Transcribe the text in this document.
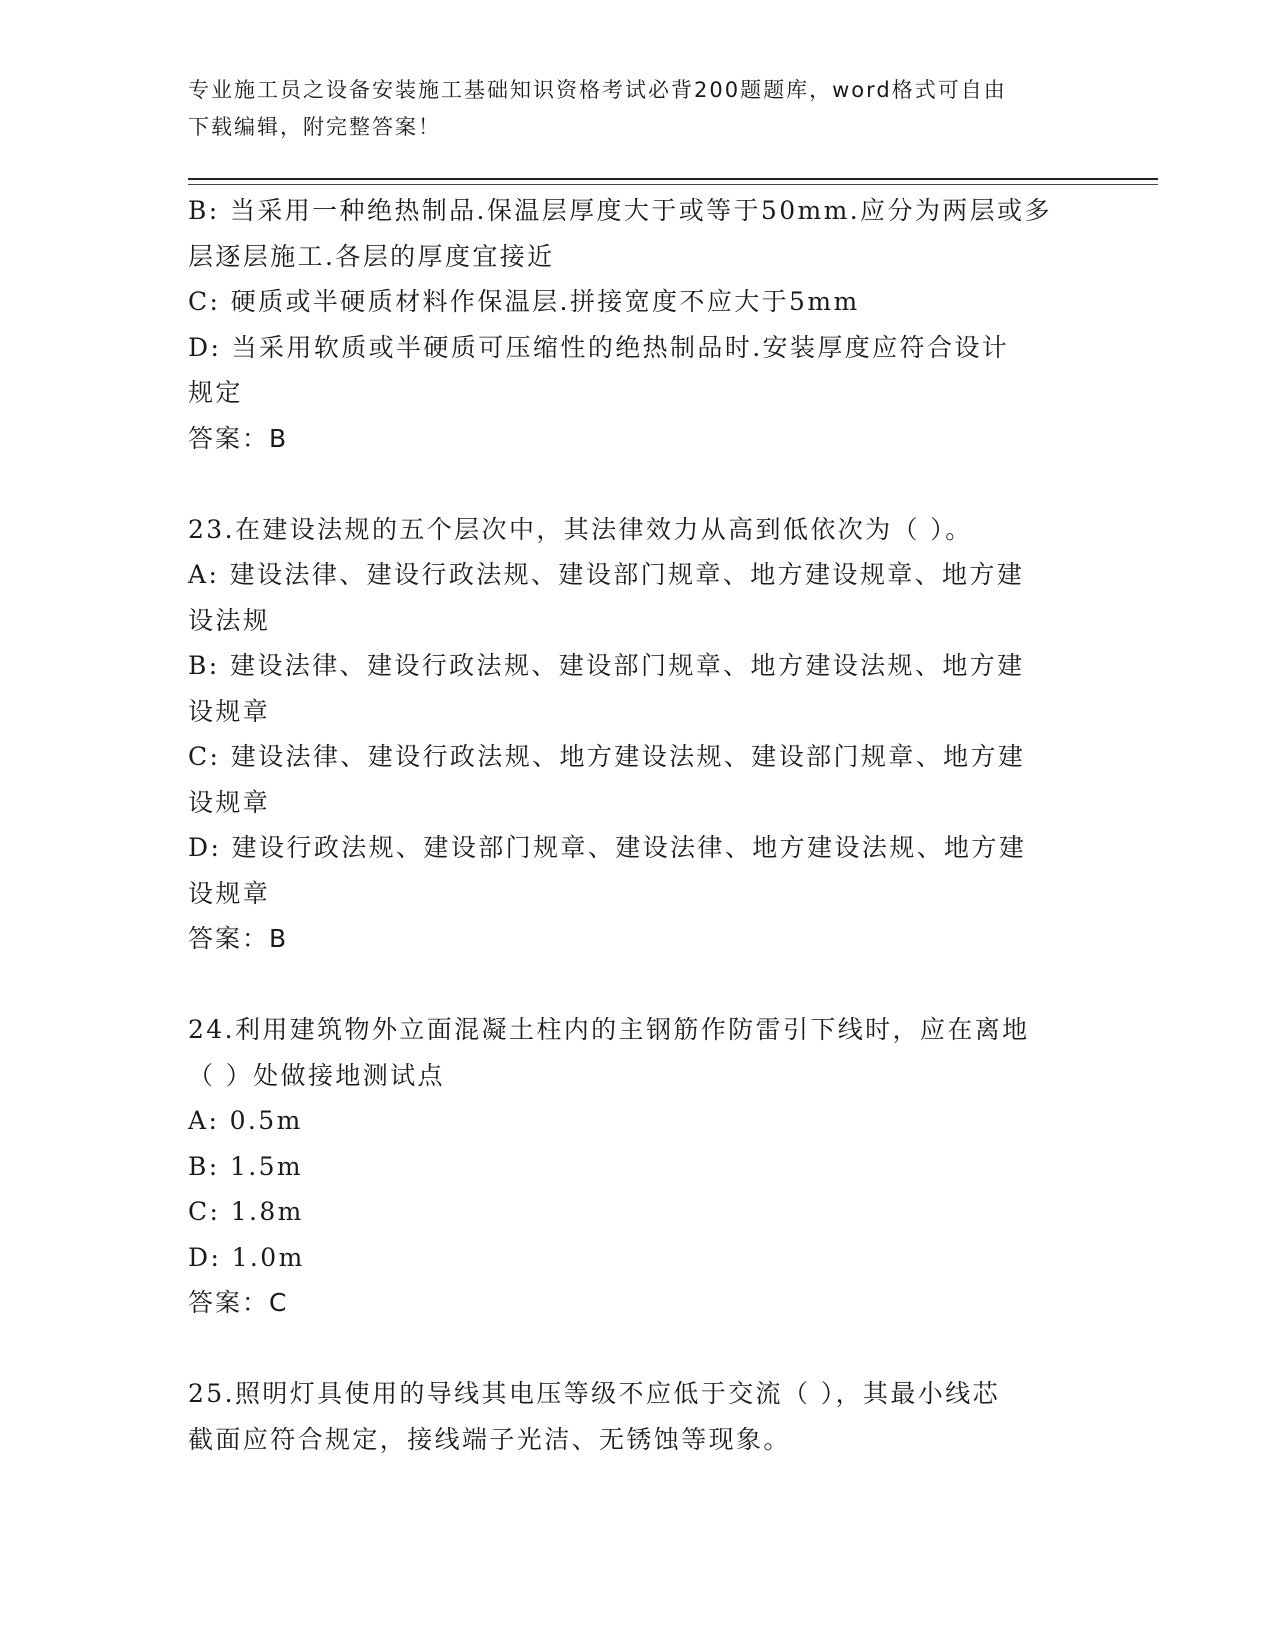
专业施工员之设备安装施工基础知识资格考试必背200题题库，word格式可自由
下载编辑，附完整答案！
B: 当采用一种绝热制品.保温层厚度大于或等于50mm.应分为两层或多
层逐层施工.各层的厚度宜接近
C: 硬质或半硬质材料作保温层.拼接宽度不应大于5mm
D: 当采用软质或半硬质可压缩性的绝热制品时.安装厚度应符合设计
规定
答案：B
23.在建设法规的五个层次中，其法律效力从高到低依次为（ ）。
A: 建设法律、建设行政法规、建设部门规章、地方建设规章、地方建
设法规
B: 建设法律、建设行政法规、建设部门规章、地方建设法规、地方建
设规章
C: 建设法律、建设行政法规、地方建设法规、建设部门规章、地方建
设规章
D: 建设行政法规、建设部门规章、建设法律、地方建设法规、地方建
设规章
答案：B
24.利用建筑物外立面混凝土柱内的主钢筋作防雷引下线时，应在离地
（ ）处做接地测试点
A: 0.5m
B: 1.5m
C: 1.8m
D: 1.0m
答案：C
25.照明灯具使用的导线其电压等级不应低于交流（ ），其最小线芯
截面应符合规定，接线端子光洁、无锈蚀等现象。
